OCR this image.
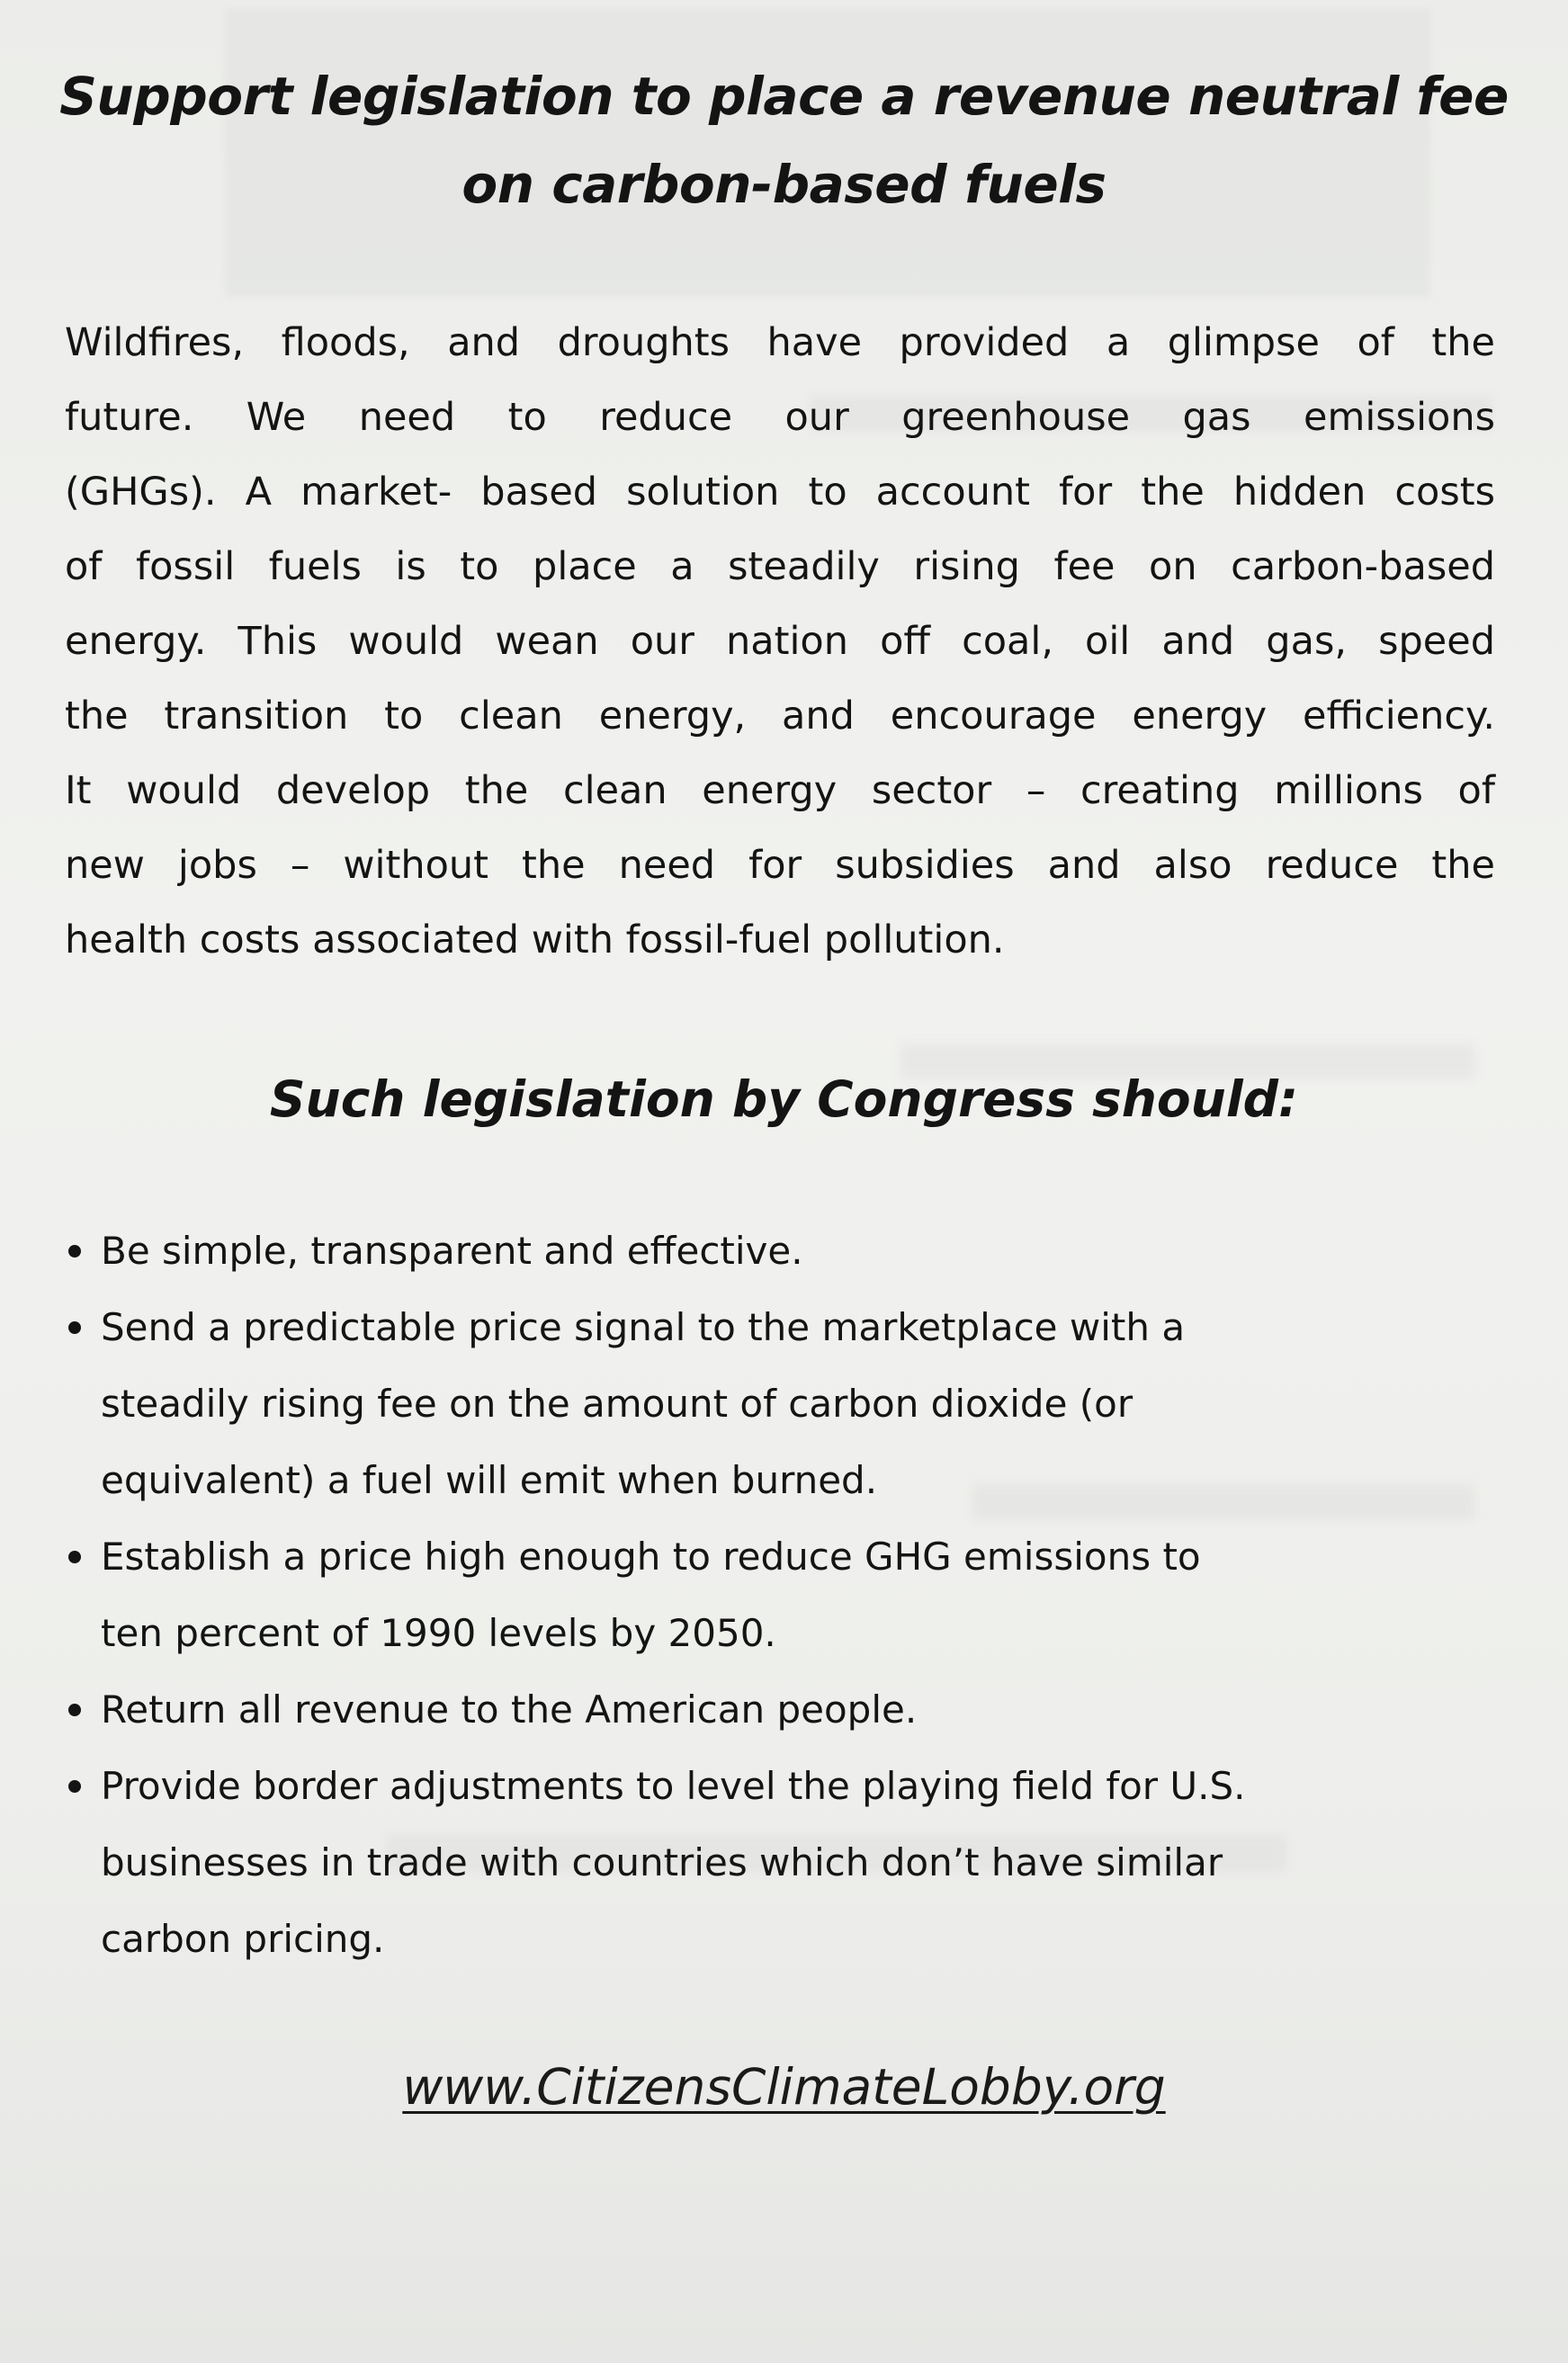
Support legislation to place a revenue neutral fee
on carbon-based fuels
Wildfires, floods, and droughts have provided a glimpse of the
future. We need to reduce our greenhouse gas emissions
(GHGs). A market- based solution to account for the hidden costs
of fossil fuels is to place a steadily rising fee on carbon-based
energy. This would wean our nation off coal, oil and gas, speed
the transition to clean energy, and encourage energy efficiency.
It would develop the clean energy sector – creating millions of
new jobs – without the need for subsidies and also reduce the
health costs associated with fossil-fuel pollution.
Such legislation by Congress should:
Be simple, transparent and effective.
Send a predictable price signal to the marketplace with a
steadily rising fee on the amount of carbon dioxide (or
equivalent) a fuel will emit when burned.
Establish a price high enough to reduce GHG emissions to
ten percent of 1990 levels by 2050.
Return all revenue to the American people.
Provide border adjustments to level the playing field for U.S.
businesses in trade with countries which don’t have similar
carbon pricing.
www.CitizensClimateLobby.org
